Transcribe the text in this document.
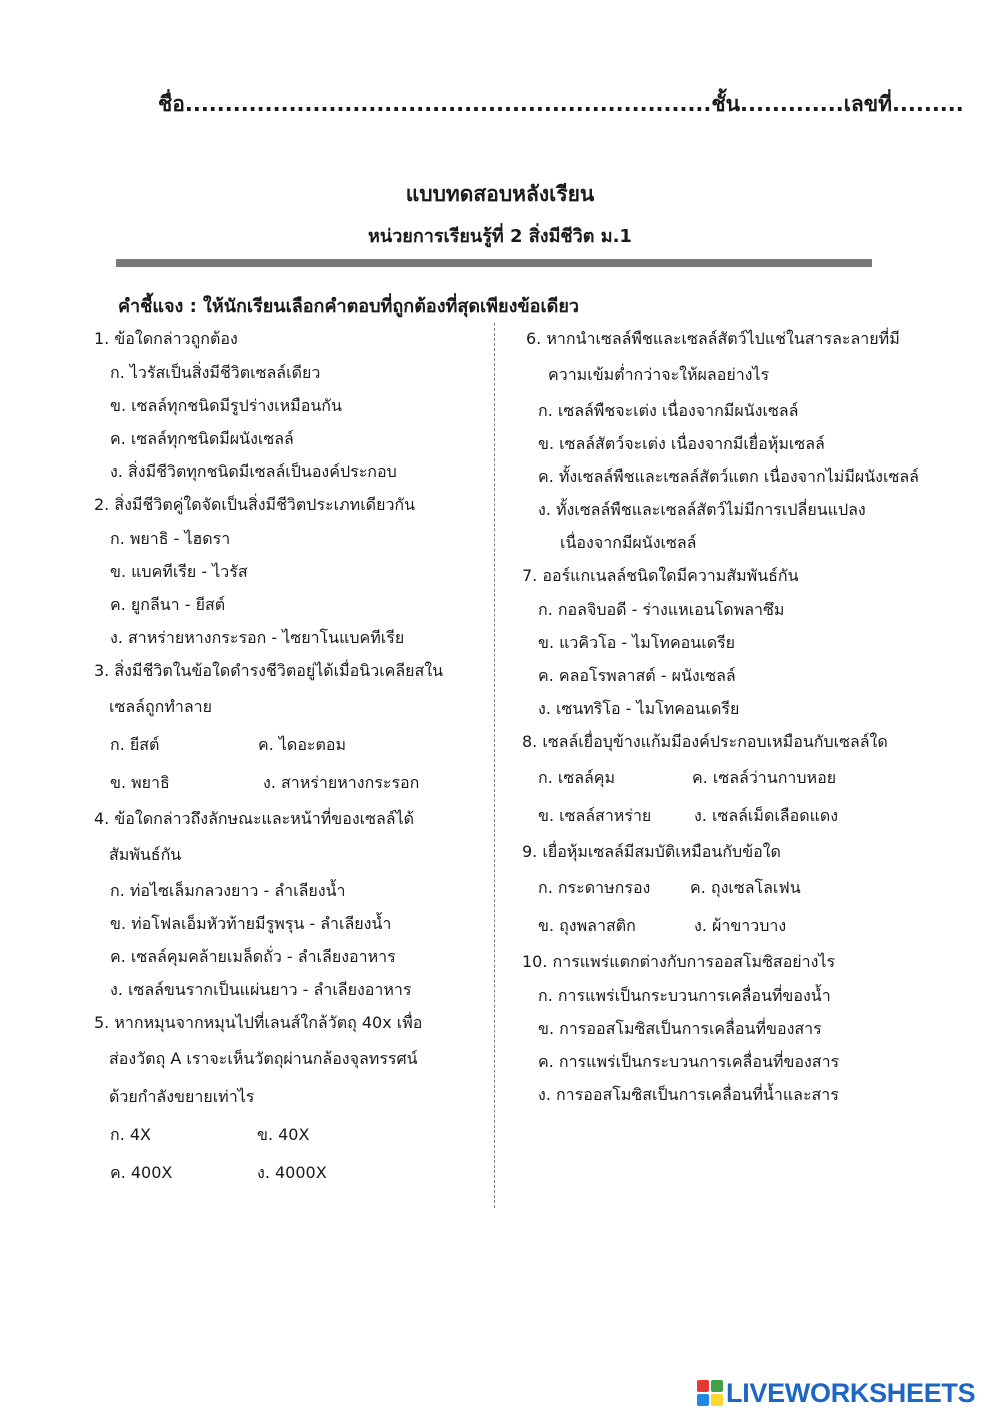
ชื่อ..................................................................ชั้น.............เลขที่.........
แบบทดสอบหลังเรียน
หน่วยการเรียนรู้ที่ 2 สิ่งมีชีวิต ม.1
คำชี้แจง : ให้นักเรียนเลือกคำตอบที่ถูกต้องที่สุดเพียงข้อเดียว
1. ข้อใดกล่าวถูกต้อง
ก. ไวรัสเป็นสิ่งมีชีวิตเซลล์เดียว
ข. เซลล์ทุกชนิดมีรูปร่างเหมือนกัน
ค. เซลล์ทุกชนิดมีผนังเซลล์
ง. สิ่งมีชีวิตทุกชนิดมีเซลล์เป็นองค์ประกอบ
2. สิ่งมีชีวิตคู่ใดจัดเป็นสิ่งมีชีวิตประเภทเดียวกัน
ก. พยาธิ - ไฮดรา
ข. แบคทีเรีย - ไวรัส
ค. ยูกลีนา - ยีสต์
ง. สาหร่ายหางกระรอก - ไซยาโนแบคทีเรีย
3. สิ่งมีชีวิตในข้อใดดำรงชีวิตอยู่ได้เมื่อนิวเคลียสใน
เซลล์ถูกทำลาย
ก. ยีสต์	ค. ไดอะตอม
ข. พยาธิ	ง. สาหร่ายหางกระรอก
4. ข้อใดกล่าวถึงลักษณะและหน้าที่ของเซลล์ได้
สัมพันธ์กัน
ก. ท่อไซเล็มกลวงยาว - ลำเลียงน้ำ
ข. ท่อโฟลเอ็มหัวท้ายมีรูพรุน - ลำเลียงน้ำ
ค. เซลล์คุมคล้ายเมล็ดถั่ว - ลำเลียงอาหาร
ง. เซลล์ขนรากเป็นแผ่นยาว - ลำเลียงอาหาร
5. หากหมุนจากหมุนไปที่เลนส์ใกล้วัตถุ 40x เพื่อ
ส่องวัตถุ A เราจะเห็นวัตถุผ่านกล้องจุลทรรศน์
ด้วยกำลังขยายเท่าไร
ก. 4X	ข. 40X
ค. 400X	ง. 4000X
6. หากนำเซลล์พืชและเซลล์สัตว์ไปแช่ในสารละลายที่มี
ความเข้มต่ำกว่าจะให้ผลอย่างไร
ก. เซลล์พืชจะเต่ง เนื่องจากมีผนังเซลล์
ข. เซลล์สัตว์จะเต่ง เนื่องจากมีเยื่อหุ้มเซลล์
ค. ทั้งเซลล์พืชและเซลล์สัตว์แตก เนื่องจากไม่มีผนังเซลล์
ง. ทั้งเซลล์พืชและเซลล์สัตว์ไม่มีการเปลี่ยนแปลง
เนื่องจากมีผนังเซลล์
7. ออร์แกเนลล์ชนิดใดมีความสัมพันธ์กัน
ก. กอลจิบอดี - ร่างแหเอนโดพลาซึม
ข. แวคิวโอ - ไมโทคอนเดรีย
ค. คลอโรพลาสต์ - ผนังเซลล์
ง. เซนทริโอ - ไมโทคอนเดรีย
8. เซลล์เยื่อบุข้างแก้มมีองค์ประกอบเหมือนกับเซลล์ใด
ก. เซลล์คุม	ค. เซลล์ว่านกาบหอย
ข. เซลล์สาหร่าย	ง. เซลล์เม็ดเลือดแดง
9. เยื่อหุ้มเซลล์มีสมบัติเหมือนกับข้อใด
ก. กระดาษกรอง	ค. ถุงเซลโลเฟน
ข. ถุงพลาสติก	ง. ผ้าขาวบาง
10. การแพร่แตกต่างกับการออสโมซิสอย่างไร
ก. การแพร่เป็นกระบวนการเคลื่อนที่ของน้ำ
ข. การออสโมซิสเป็นการเคลื่อนที่ของสาร
ค. การแพร่เป็นกระบวนการเคลื่อนที่ของสาร
ง. การออสโมซิสเป็นการเคลื่อนที่น้ำและสาร
LIVEWORKSHEETS
